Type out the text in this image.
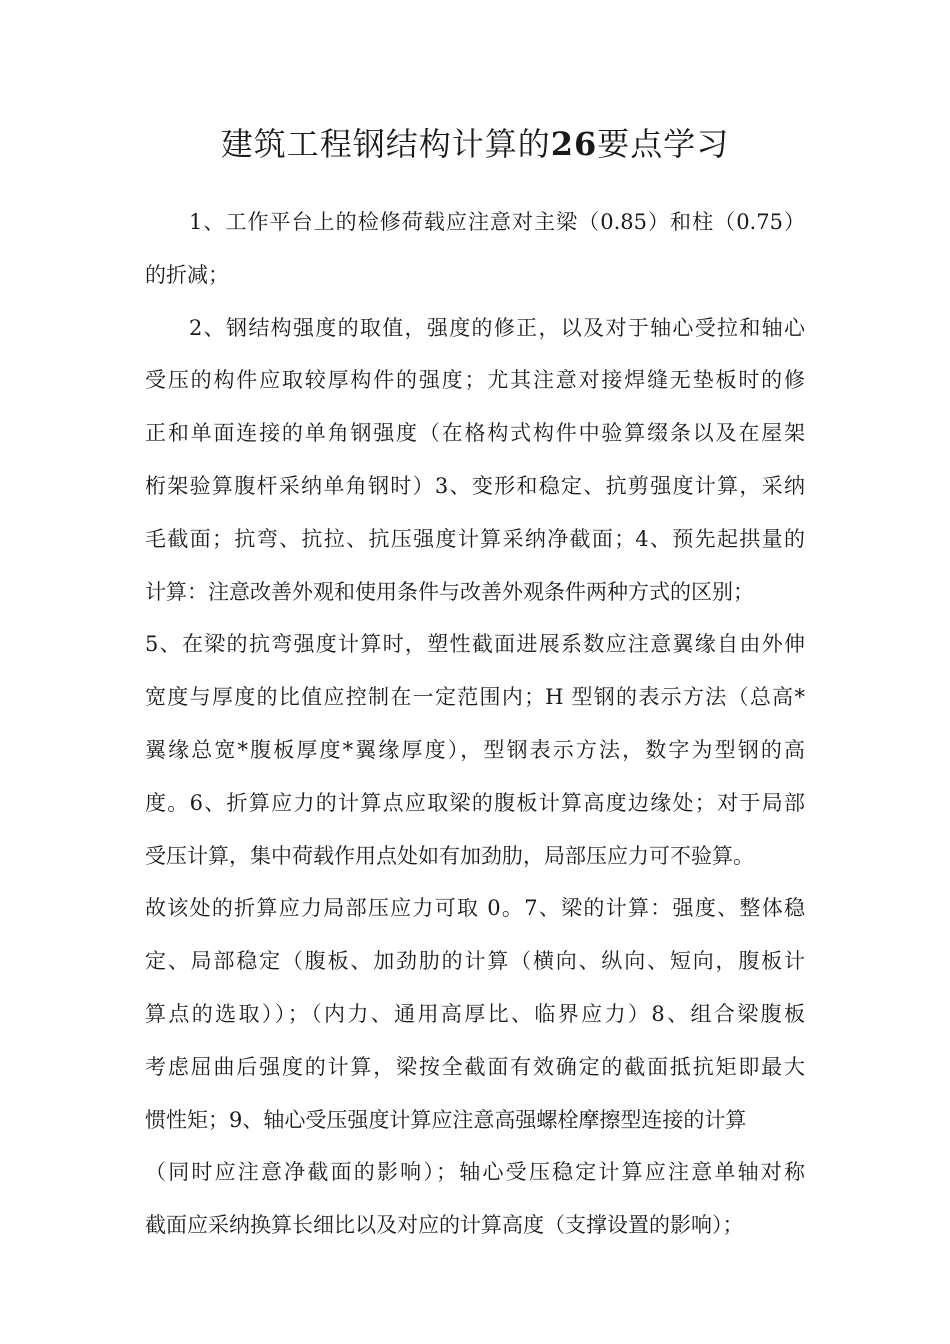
建筑工程钢结构计算的26要点学习
1、工作平台上的检修荷载应注意对主梁（0.85）和柱（0.75）
的折减；
2、钢结构强度的取值，强度的修正，以及对于轴心受拉和轴心
受压的构件应取较厚构件的强度；尤其注意对接焊缝无垫板时的修
正和单面连接的单角钢强度（在格构式构件中验算缀条以及在屋架
桁架验算腹杆采纳单角钢时）3、变形和稳定、抗剪强度计算，采纳
毛截面；抗弯、抗拉、抗压强度计算采纳净截面；4、预先起拱量的
计算：注意改善外观和使用条件与改善外观条件两种方式的区别；
5、在梁的抗弯强度计算时，塑性截面进展系数应注意翼缘自由外伸
宽度与厚度的比值应控制在一定范围内；H 型钢的表示方法（总高*
翼缘总宽*腹板厚度*翼缘厚度），型钢表示方法，数字为型钢的高
度。6、折算应力的计算点应取梁的腹板计算高度边缘处；对于局部
受压计算，集中荷载作用点处如有加劲肋，局部压应力可不验算。
故该处的折算应力局部压应力可取 0。7、梁的计算：强度、整体稳
定、局部稳定（腹板、加劲肋的计算（横向、纵向、短向，腹板计
算点的选取））；（内力、通用高厚比、临界应力）8、组合梁腹板
考虑屈曲后强度的计算，梁按全截面有效确定的截面抵抗矩即最大
惯性矩；9、轴心受压强度计算应注意高强螺栓摩擦型连接的计算
（同时应注意净截面的影响）；轴心受压稳定计算应注意单轴对称
截面应采纳换算长细比以及对应的计算高度（支撑设置的影响）；
